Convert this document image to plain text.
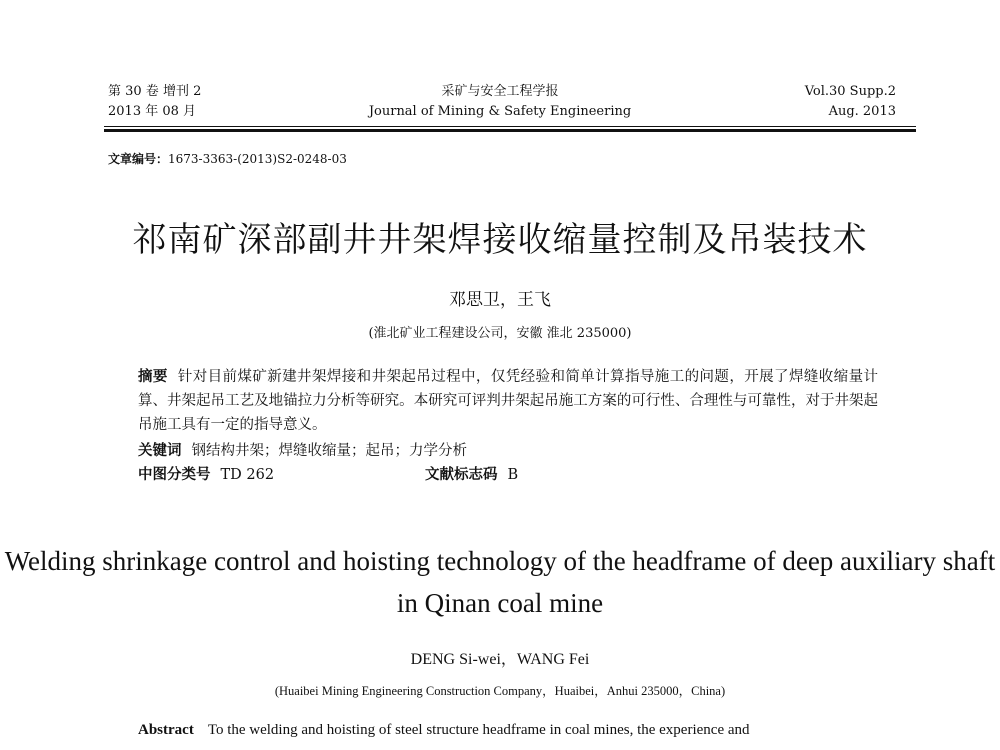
第 30 卷 增刊 2
2013 年 08 月
采矿与安全工程学报
Journal of Mining & Safety Engineering
Vol.30 Supp.2
Aug. 2013
文章编号：1673-3363-(2013)S2-0248-03
祁南矿深部副井井架焊接收缩量控制及吊装技术
邓思卫，王飞
(淮北矿业工程建设公司，安徽 淮北 235000)
摘要 针对目前煤矿新建井架焊接和井架起吊过程中，仅凭经验和简单计算指导施工的问题，开展了焊缝收缩量计算、井架起吊工艺及地锚拉力分析等研究。本研究可评判井架起吊施工方案的可行性、合理性与可靠性，对于井架起吊施工具有一定的指导意义。
关键词 钢结构井架；焊缝收缩量；起吊；力学分析
中图分类号 TD 262	文献标志码 B
Welding shrinkage control and hoisting technology of the headframe of deep auxiliary shaft in Qinan coal mine
DENG Si-wei，WANG Fei
(Huaibei Mining Engineering Construction Company，Huaibei，Anhui 235000，China)
Abstract To the welding and hoisting of steel structure headframe in coal mines, the experience and
